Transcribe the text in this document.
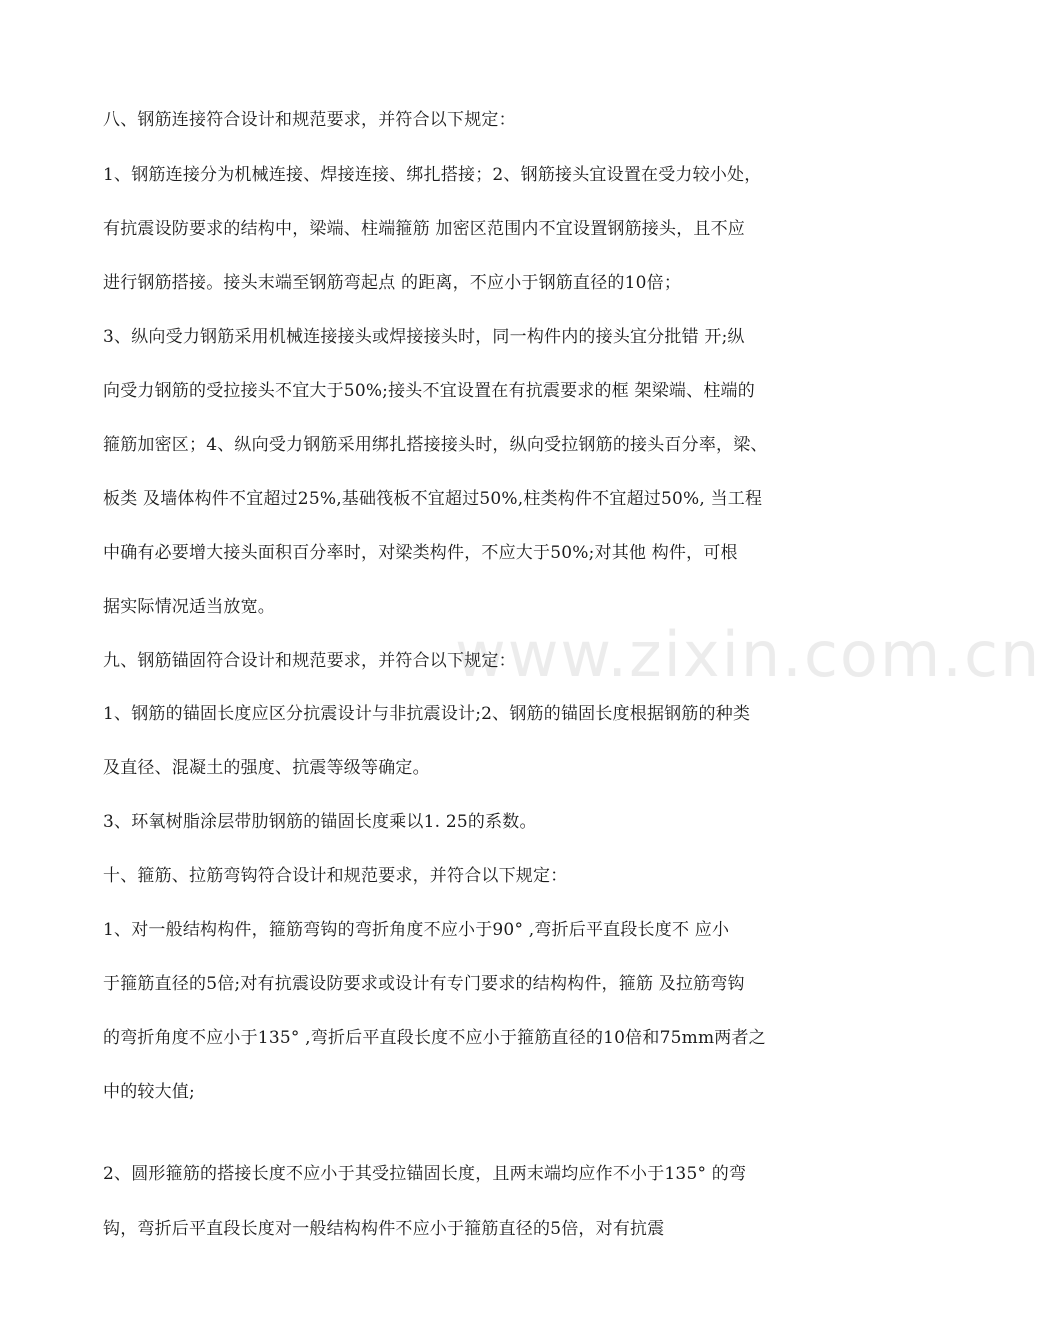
www.zixin.com.cn
八、钢筋连接符合设计和规范要求，并符合以下规定：
1、钢筋连接分为机械连接、焊接连接、绑扎搭接；2、钢筋接头宜设置在受力较小处，
有抗震设防要求的结构中，梁端、柱端箍筋 加密区范围内不宜设置钢筋接头，且不应
进行钢筋搭接。接头末端至钢筋弯起点 的距离，不应小于钢筋直径的10倍；
3、纵向受力钢筋采用机械连接接头或焊接接头时，同一构件内的接头宜分批错 开;纵
向受力钢筋的受拉接头不宜大于50%;接头不宜设置在有抗震要求的框 架梁端、柱端的
箍筋加密区；4、纵向受力钢筋采用绑扎搭接接头时，纵向受拉钢筋的接头百分率，梁、
板类 及墙体构件不宜超过25%,基础筏板不宜超过50%,柱类构件不宜超过50%, 当工程
中确有必要增大接头面积百分率时，对梁类构件，不应大于50%;对其他 构件，可根
据实际情况适当放宽。
九、钢筋锚固符合设计和规范要求，并符合以下规定：
1、钢筋的锚固长度应区分抗震设计与非抗震设计;2、钢筋的锚固长度根据钢筋的种类
及直径、混凝土的强度、抗震等级等确定。
3、环氧树脂涂层带肋钢筋的锚固长度乘以1. 25的系数。
十、箍筋、拉筋弯钩符合设计和规范要求，并符合以下规定：
1、对一般结构构件，箍筋弯钩的弯折角度不应小于90° ,弯折后平直段长度不 应小
于箍筋直径的5倍;对有抗震设防要求或设计有专门要求的结构构件，箍筋 及拉筋弯钩
的弯折角度不应小于135° ,弯折后平直段长度不应小于箍筋直径的10倍和75mm两者之
中的较大值;
2、圆形箍筋的搭接长度不应小于其受拉锚固长度，且两末端均应作不小于135° 的弯
钩，弯折后平直段长度对一般结构构件不应小于箍筋直径的5倍，对有抗震
